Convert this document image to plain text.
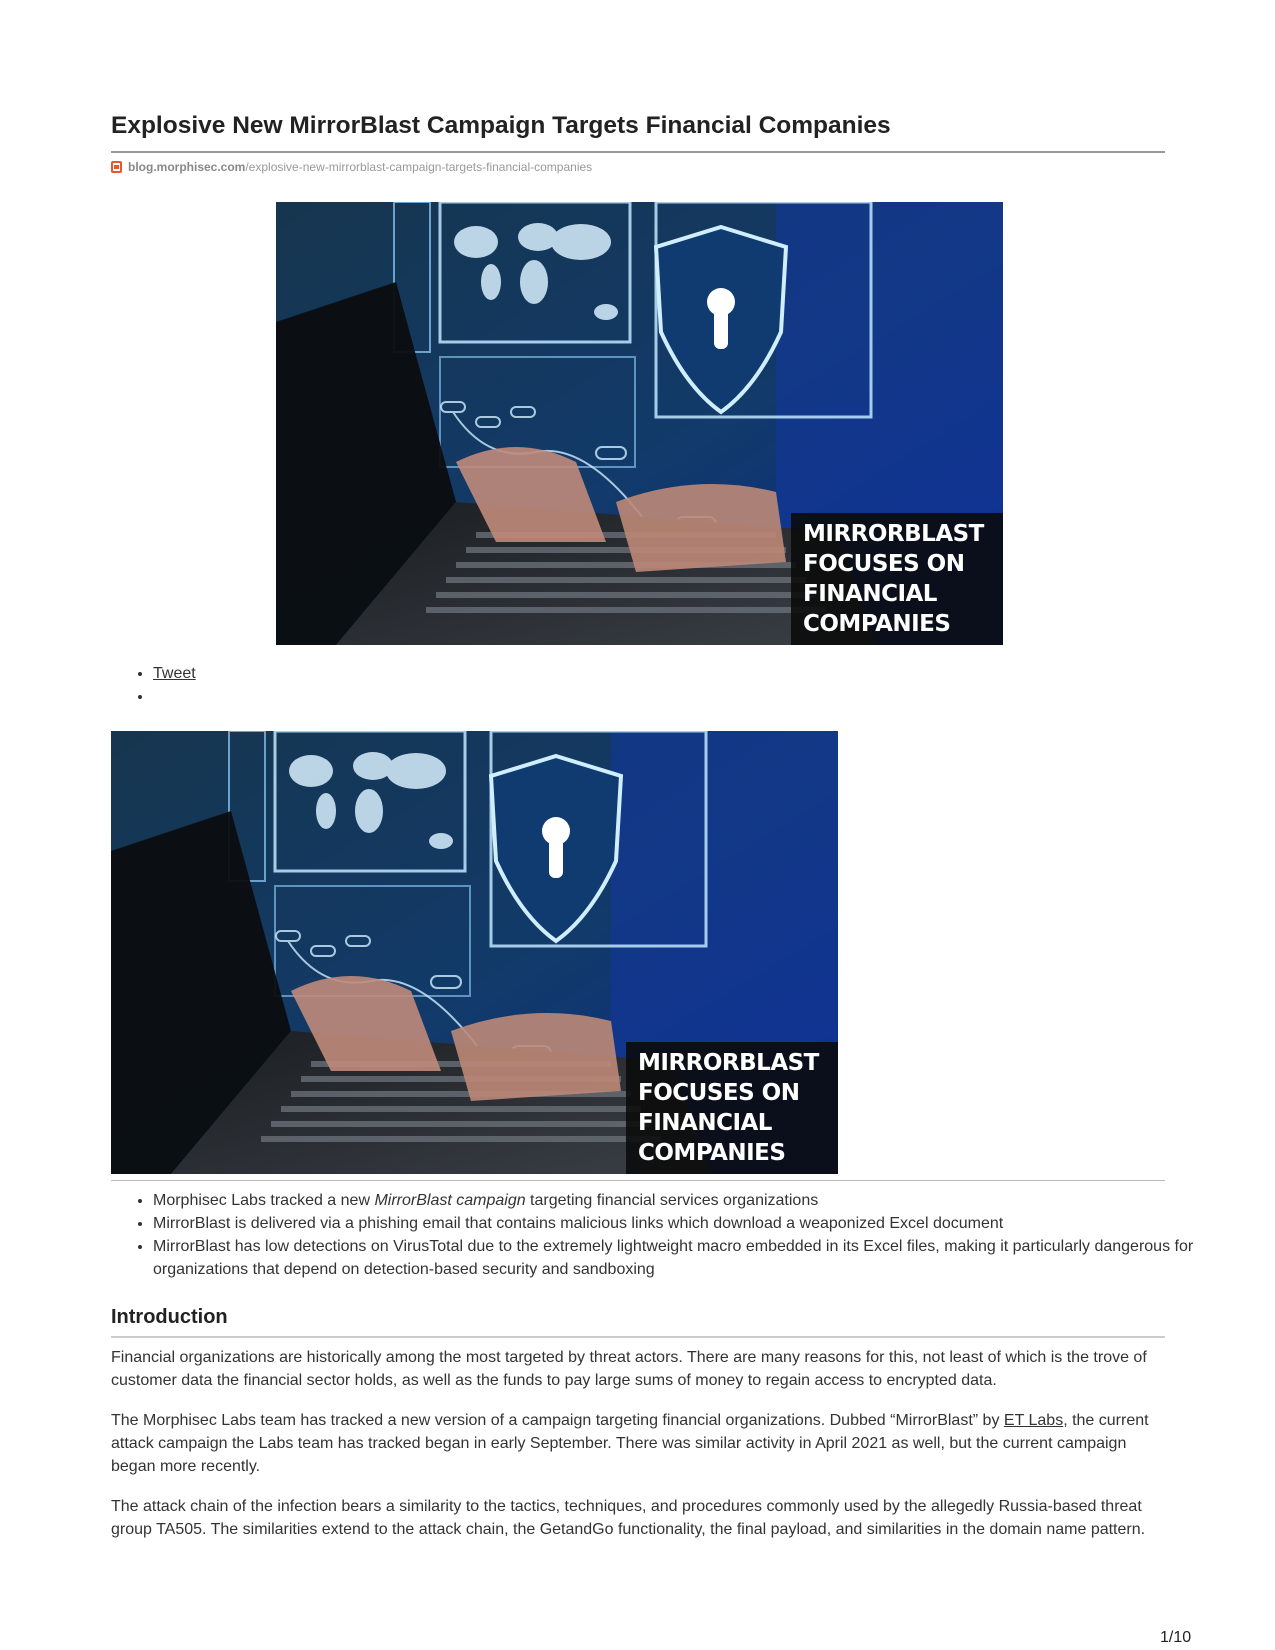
Explosive New MirrorBlast Campaign Targets Financial Companies
blog.morphisec.com /explosive-new-mirrorblast-campaign-targets-financial-companies
MIRRORBLAST
FOCUSES ON
FINANCIAL
COMPANIES
• Tweet
•
MIRRORBLAST
FOCUSES ON
FINANCIAL
COMPANIES
• Morphisec Labs tracked a new MirrorBlast campaign targeting financial services organizations
• MirrorBlast is delivered via a phishing email that contains malicious links which download a weaponized Excel document
• MirrorBlast has low detections on VirusTotal due to the extremely lightweight macro embedded in its Excel files, making it particularly dangerous for organizations that depend on detection-based security and sandboxing
Introduction

Financial organizations are historically among the most targeted by threat actors. There are many reasons for this, not least of which is the trove of customer data the financial sector holds, as well as the funds to pay large sums of money to regain access to encrypted data.

The Morphisec Labs team has tracked a new version of a campaign targeting financial organizations. Dubbed “MirrorBlast” by ET Labs, the current attack campaign the Labs team has tracked began in early September. There was similar activity in April 2021 as well, but the current campaign began more recently.

The attack chain of the infection bears a similarity to the tactics, techniques, and procedures commonly used by the allegedly Russia-based threat group TA505. The similarities extend to the attack chain, the GetandGo functionality, the final payload, and similarities in the domain name pattern.

1/10
